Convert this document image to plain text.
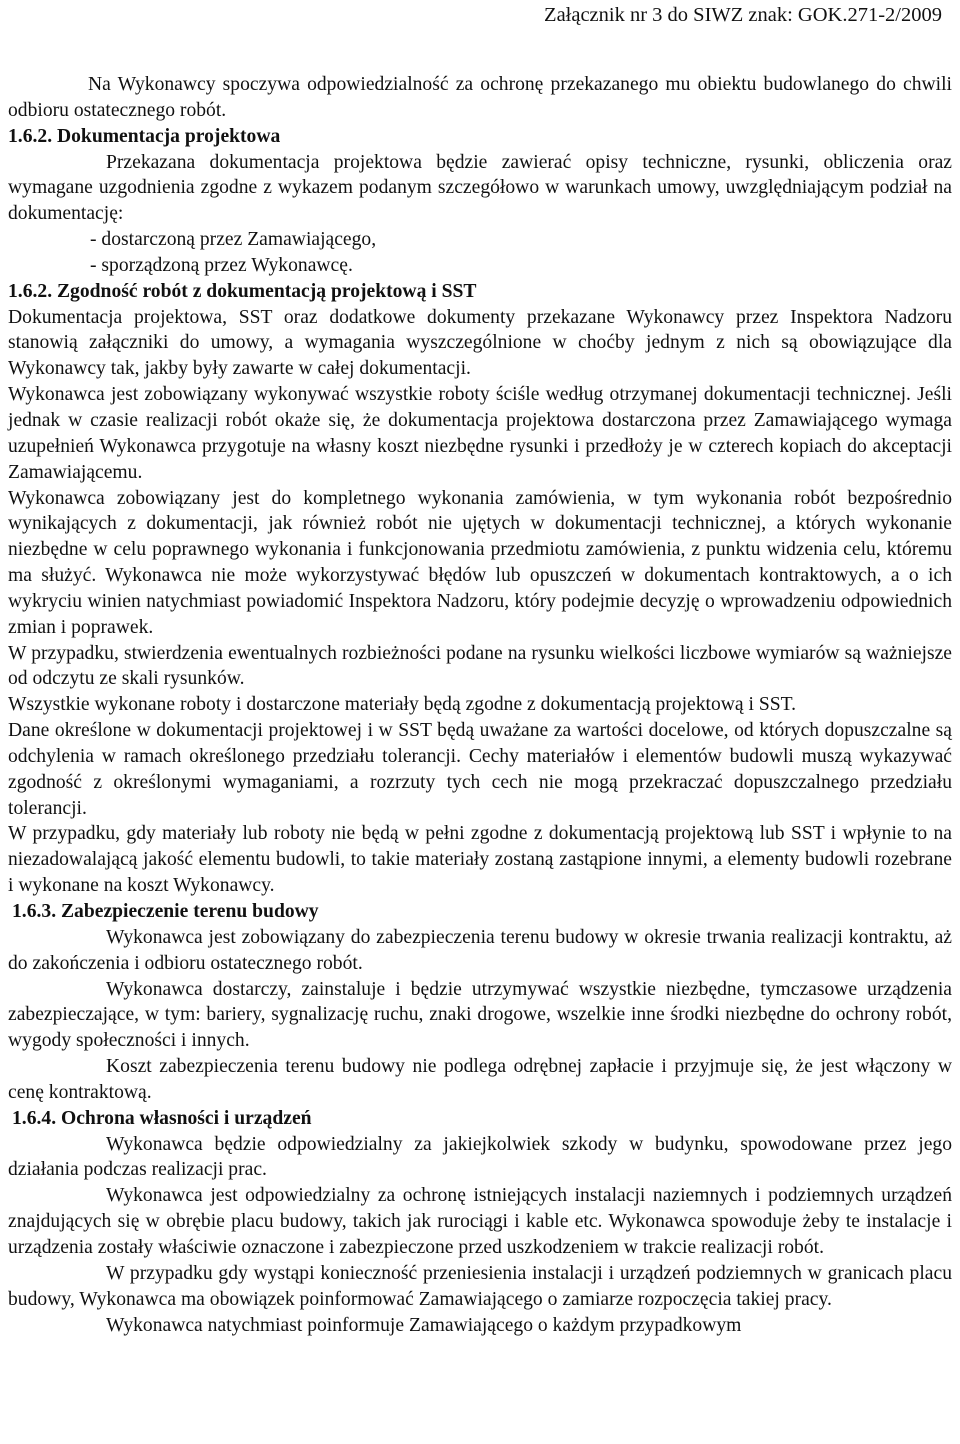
Załącznik nr 3 do SIWZ znak: GOK.271-2/2009

Na Wykonawcy spoczywa odpowiedzialność za ochronę przekazanego mu obiektu budowlanego do chwili odbioru ostatecznego robót.

1.6.2. Dokumentacja projektowa

Przekazana dokumentacja projektowa będzie zawierać opisy techniczne, rysunki, obliczenia oraz wymagane uzgodnienia zgodne z wykazem podanym szczegółowo w warunkach umowy, uwzględniającym podział na dokumentację:

- dostarczoną przez Zamawiającego,

- sporządzoną przez Wykonawcę.

1.6.2. Zgodność robót z dokumentacją projektową i SST

Dokumentacja projektowa, SST oraz dodatkowe dokumenty przekazane Wykonawcy przez Inspektora Nadzoru stanowią załączniki do umowy, a wymagania wyszczególnione w choćby jednym z nich są obowiązujące dla Wykonawcy tak, jakby były zawarte w całej dokumentacji.

Wykonawca jest zobowiązany wykonywać wszystkie roboty ściśle według otrzymanej dokumentacji technicznej. Jeśli jednak w czasie realizacji robót okaże się, że dokumentacja projektowa dostarczona przez Zamawiającego wymaga uzupełnień Wykonawca przygotuje na własny koszt niezbędne rysunki i przedłoży je w czterech kopiach do akceptacji Zamawiającemu.

Wykonawca zobowiązany jest do kompletnego wykonania zamówienia, w tym wykonania robót bezpośrednio wynikających z dokumentacji, jak również robót nie ujętych w dokumentacji technicznej, a których wykonanie niezbędne w celu poprawnego wykonania i funkcjonowania przedmiotu zamówienia, z punktu widzenia celu, któremu ma służyć. Wykonawca nie może wykorzystywać błędów lub opuszczeń w dokumentach kontraktowych, a o ich wykryciu winien natychmiast powiadomić Inspektora Nadzoru, który podejmie decyzję o wprowadzeniu odpowiednich zmian i poprawek.

W przypadku, stwierdzenia ewentualnych rozbieżności podane na rysunku wielkości liczbowe wymiarów są ważniejsze od odczytu ze skali rysunków.

Wszystkie wykonane roboty i dostarczone materiały będą zgodne z dokumentacją projektową i SST.

Dane określone w dokumentacji projektowej i w SST będą uważane za wartości docelowe, od których dopuszczalne są odchylenia w ramach określonego przedziału tolerancji. Cechy materiałów i elementów budowli muszą wykazywać zgodność z określonymi wymaganiami, a rozrzuty tych cech nie mogą przekraczać dopuszczalnego przedziału tolerancji.

W przypadku, gdy materiały lub roboty nie będą w pełni zgodne z dokumentacją projektową lub SST i wpłynie to na niezadowalającą jakość elementu budowli, to takie materiały zostaną zastąpione innymi, a elementy budowli rozebrane i wykonane na koszt Wykonawcy.

1.6.3. Zabezpieczenie terenu budowy

Wykonawca jest zobowiązany do zabezpieczenia terenu budowy w okresie trwania realizacji kontraktu, aż do zakończenia i odbioru ostatecznego robót.

Wykonawca dostarczy, zainstaluje i będzie utrzymywać wszystkie niezbędne, tymczasowe urządzenia zabezpieczające, w tym: bariery, sygnalizację ruchu, znaki drogowe, wszelkie inne środki niezbędne do ochrony robót, wygody społeczności i innych.

Koszt zabezpieczenia terenu budowy nie podlega odrębnej zapłacie i przyjmuje się, że jest włączony w cenę kontraktową.

1.6.4. Ochrona własności i urządzeń

Wykonawca będzie odpowiedzialny za jakiejkolwiek szkody w budynku, spowodowane przez jego działania podczas realizacji prac.

Wykonawca jest odpowiedzialny za ochronę istniejących instalacji naziemnych i podziemnych urządzeń znajdujących się w obrębie placu budowy, takich jak rurociągi i kable etc. Wykonawca spowoduje żeby te instalacje i urządzenia zostały właściwie oznaczone i zabezpieczone przed uszkodzeniem w trakcie realizacji robót.

W przypadku gdy wystąpi konieczność przeniesienia instalacji i urządzeń podziemnych w granicach placu budowy, Wykonawca ma obowiązek poinformować Zamawiającego o zamiarze rozpoczęcia takiej pracy.

Wykonawca natychmiast poinformuje Zamawiającego o każdym przypadkowym
